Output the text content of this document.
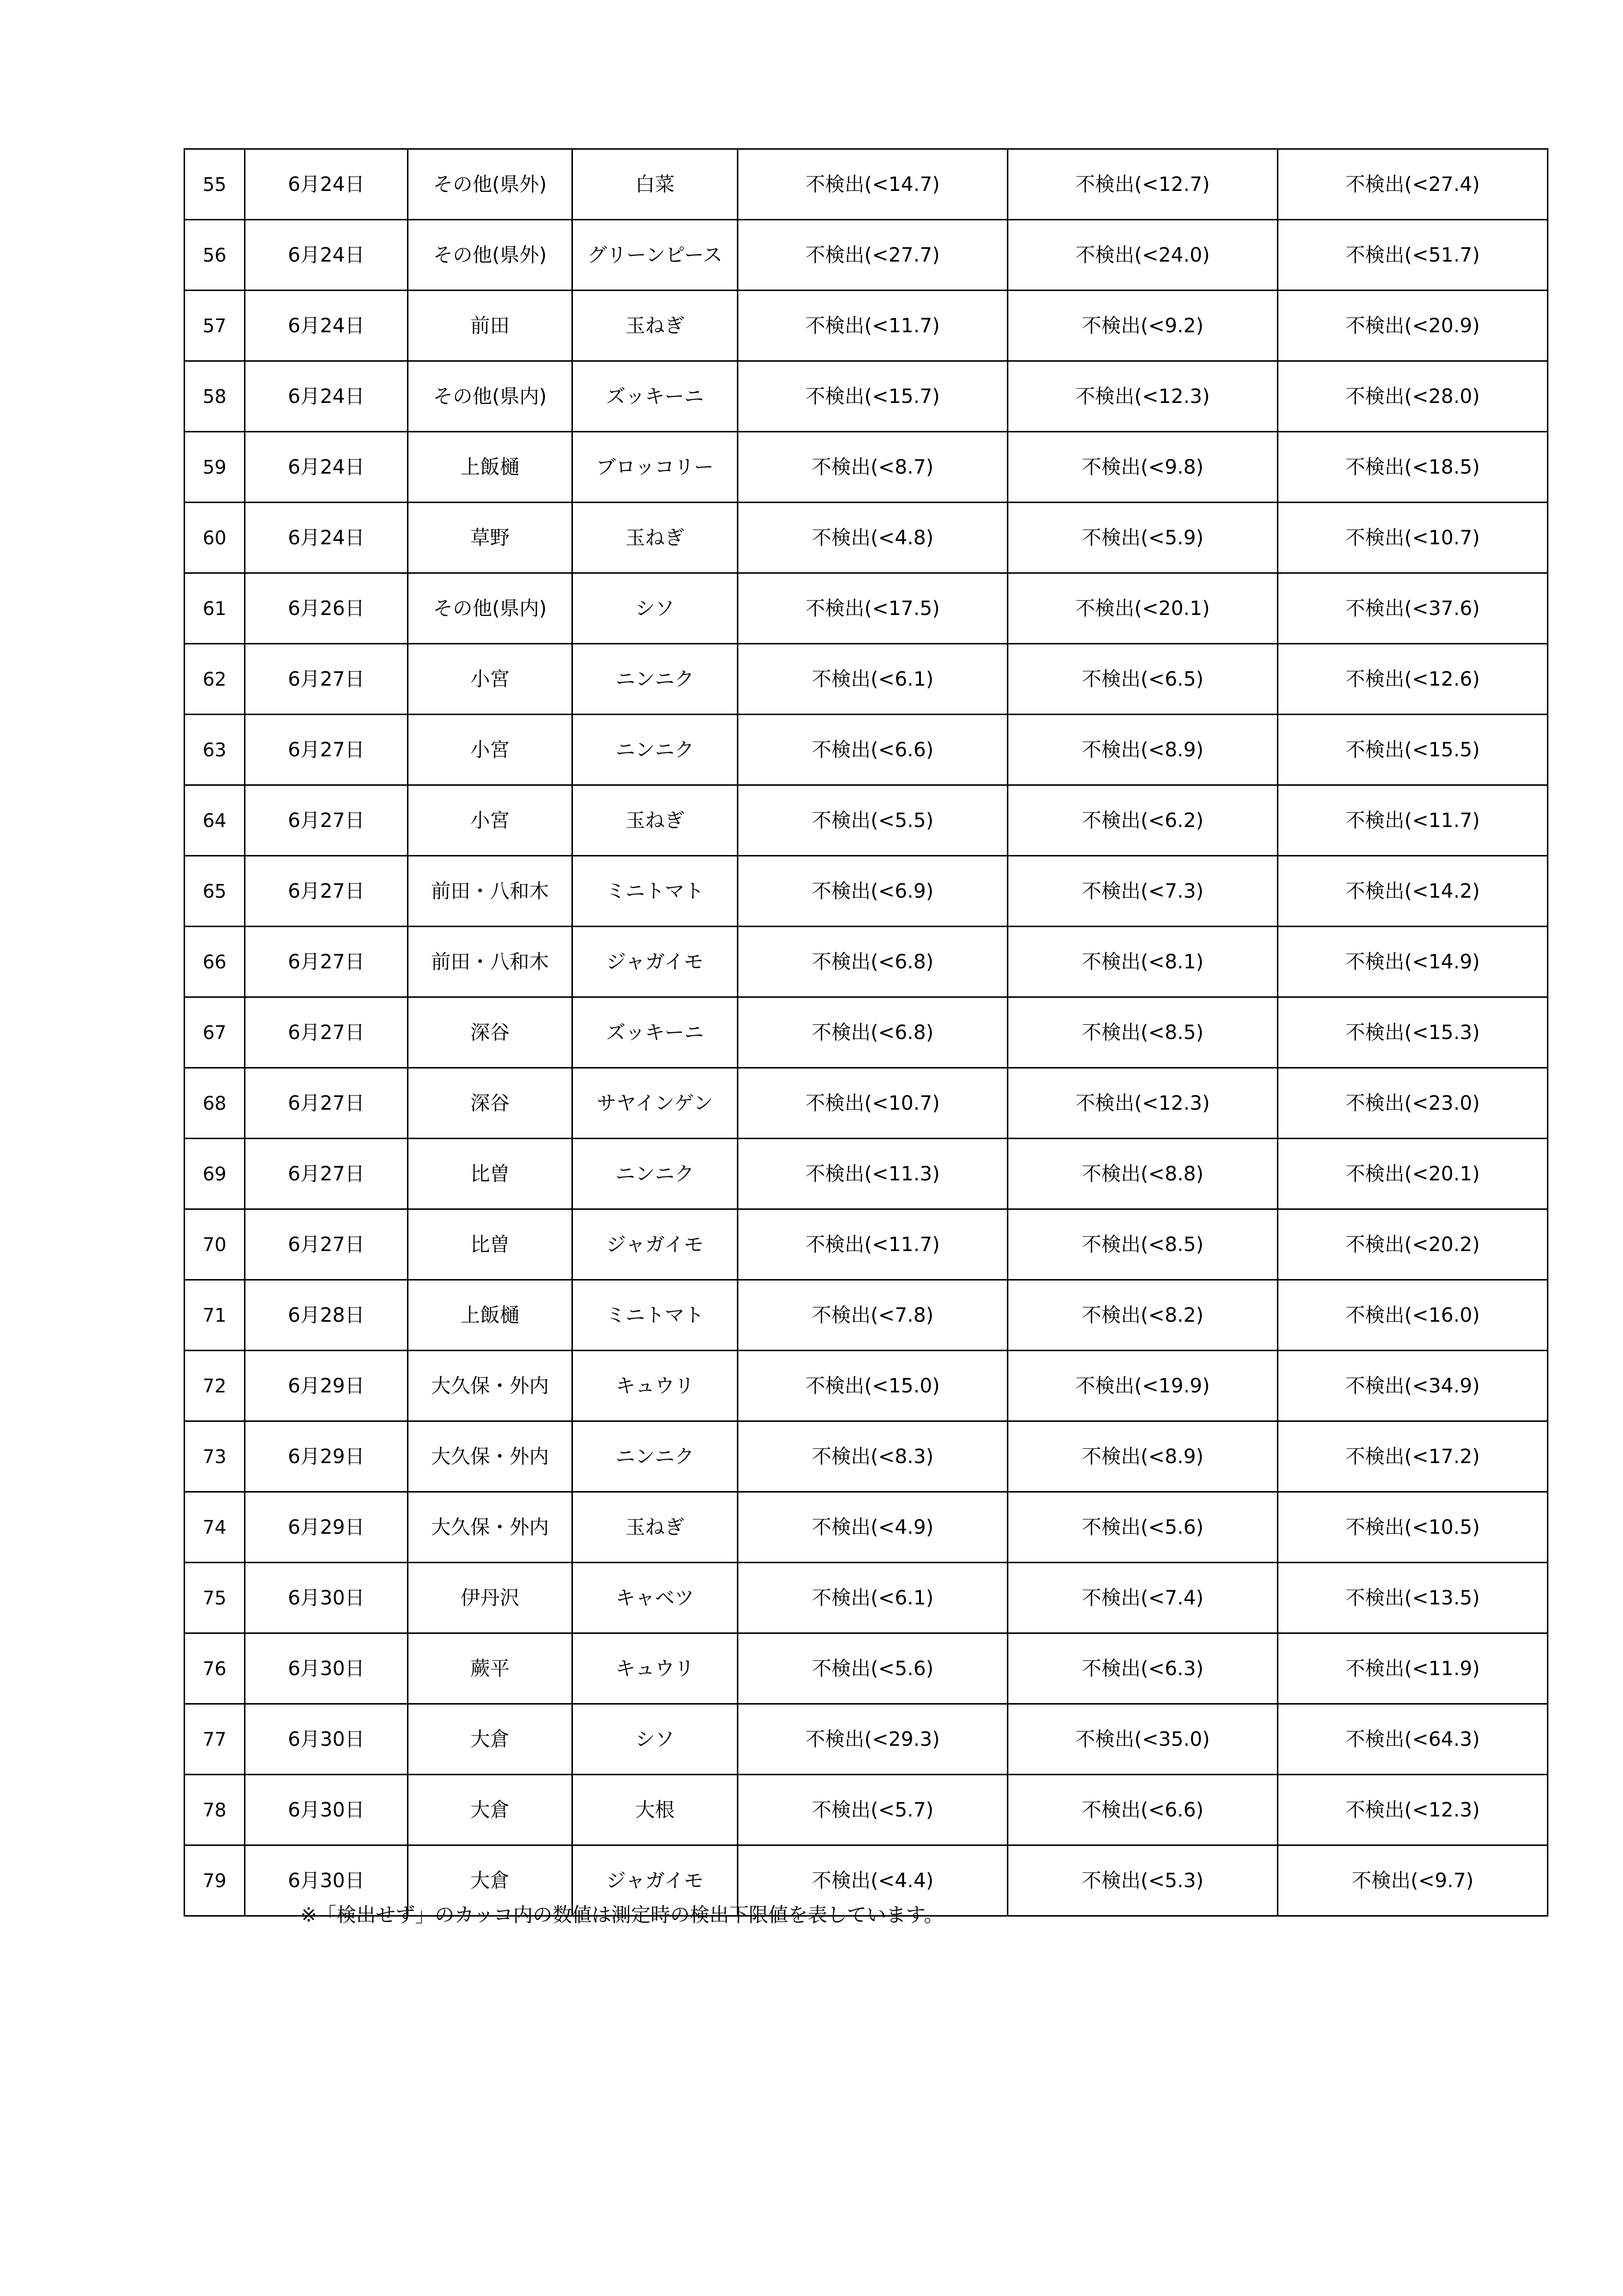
55	6月24日	その他(県外)	白菜	不検出(<14.7)	不検出(<12.7)	不検出(<27.4)
56	6月24日	その他(県外)	グリーンピース	不検出(<27.7)	不検出(<24.0)	不検出(<51.7)
57	6月24日	前田	玉ねぎ	不検出(<11.7)	不検出(<9.2)	不検出(<20.9)
58	6月24日	その他(県内)	ズッキーニ	不検出(<15.7)	不検出(<12.3)	不検出(<28.0)
59	6月24日	上飯樋	ブロッコリー	不検出(<8.7)	不検出(<9.8)	不検出(<18.5)
60	6月24日	草野	玉ねぎ	不検出(<4.8)	不検出(<5.9)	不検出(<10.7)
61	6月26日	その他(県内)	シソ	不検出(<17.5)	不検出(<20.1)	不検出(<37.6)
62	6月27日	小宮	ニンニク	不検出(<6.1)	不検出(<6.5)	不検出(<12.6)
63	6月27日	小宮	ニンニク	不検出(<6.6)	不検出(<8.9)	不検出(<15.5)
64	6月27日	小宮	玉ねぎ	不検出(<5.5)	不検出(<6.2)	不検出(<11.7)
65	6月27日	前田・八和木	ミニトマト	不検出(<6.9)	不検出(<7.3)	不検出(<14.2)
66	6月27日	前田・八和木	ジャガイモ	不検出(<6.8)	不検出(<8.1)	不検出(<14.9)
67	6月27日	深谷	ズッキーニ	不検出(<6.8)	不検出(<8.5)	不検出(<15.3)
68	6月27日	深谷	サヤインゲン	不検出(<10.7)	不検出(<12.3)	不検出(<23.0)
69	6月27日	比曽	ニンニク	不検出(<11.3)	不検出(<8.8)	不検出(<20.1)
70	6月27日	比曽	ジャガイモ	不検出(<11.7)	不検出(<8.5)	不検出(<20.2)
71	6月28日	上飯樋	ミニトマト	不検出(<7.8)	不検出(<8.2)	不検出(<16.0)
72	6月29日	大久保・外内	キュウリ	不検出(<15.0)	不検出(<19.9)	不検出(<34.9)
73	6月29日	大久保・外内	ニンニク	不検出(<8.3)	不検出(<8.9)	不検出(<17.2)
74	6月29日	大久保・外内	玉ねぎ	不検出(<4.9)	不検出(<5.6)	不検出(<10.5)
75	6月30日	伊丹沢	キャベツ	不検出(<6.1)	不検出(<7.4)	不検出(<13.5)
76	6月30日	蕨平	キュウリ	不検出(<5.6)	不検出(<6.3)	不検出(<11.9)
77	6月30日	大倉	シソ	不検出(<29.3)	不検出(<35.0)	不検出(<64.3)
78	6月30日	大倉	大根	不検出(<5.7)	不検出(<6.6)	不検出(<12.3)
79	6月30日	大倉	ジャガイモ	不検出(<4.4)	不検出(<5.3)	不検出(<9.7)
※「検出せず」のカッコ内の数値は測定時の検出下限値を表しています。
